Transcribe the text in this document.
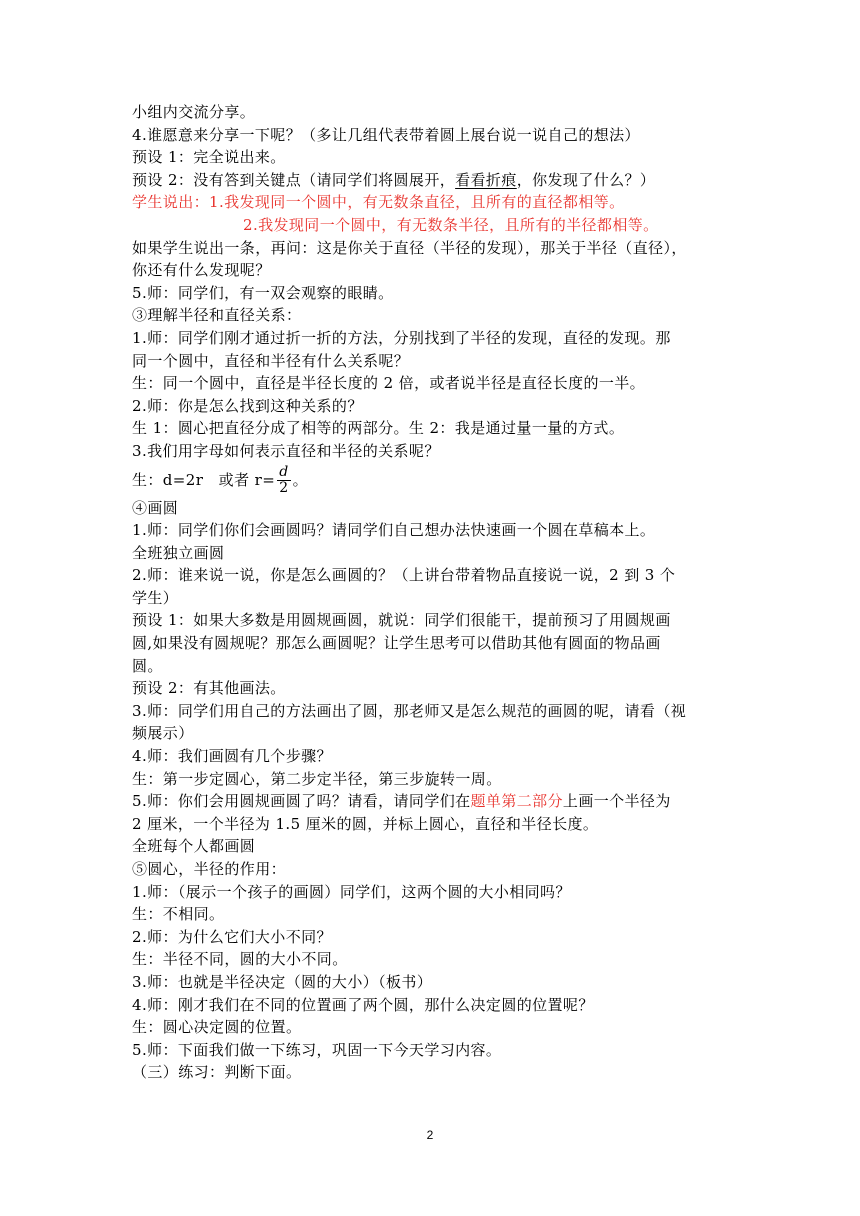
小组内交流分享。
4.谁愿意来分享一下呢？（多让几组代表带着圆上展台说一说自己的想法）
预设 1：完全说出来。
预设 2：没有答到关键点（请同学们将圆展开，看看折痕，你发现了什么？）
学生说出：1.我发现同一个圆中，有无数条直径，且所有的直径都相等。
2.我发现同一个圆中，有无数条半径，且所有的半径都相等。
如果学生说出一条，再问：这是你关于直径（半径的发现），那关于半径（直径），
你还有什么发现呢？
5.师：同学们，有一双会观察的眼睛。
③理解半径和直径关系：
1.师：同学们刚才通过折一折的方法，分别找到了半径的发现，直径的发现。那
同一个圆中，直径和半径有什么关系呢？
生：同一个圆中，直径是半径长度的 2 倍，或者说半径是直径长度的一半。
2.师：你是怎么找到这种关系的？
生 1：圆心把直径分成了相等的两部分。生 2：我是通过量一量的方式。
3.我们用字母如何表示直径和半径的关系呢？
生：d=2r　或者 $r= \frac{d}{2}$ 。
④画圆
1.师：同学们你们会画圆吗？请同学们自己想办法快速画一个圆在草稿本上。
全班独立画圆
2.师：谁来说一说，你是怎么画圆的？（上讲台带着物品直接说一说，2 到 3 个
学生）
预设 1：如果大多数是用圆规画圆，就说：同学们很能干，提前预习了用圆规画
圆,如果没有圆规呢？那怎么画圆呢？让学生思考可以借助其他有圆面的物品画
圆。
预设 2：有其他画法。
3.师：同学们用自己的方法画出了圆，那老师又是怎么规范的画圆的呢，请看（视
频展示）
4.师：我们画圆有几个步骤？
生：第一步定圆心，第二步定半径，第三步旋转一周。
5.师：你们会用圆规画圆了吗？请看，请同学们在题单第二部分上画一个半径为
2 厘米，一个半径为 1.5 厘米的圆，并标上圆心，直径和半径长度。
全班每个人都画圆
⑤圆心，半径的作用：
1.师：（展示一个孩子的画圆）同学们，这两个圆的大小相同吗？
生：不相同。
2.师：为什么它们大小不同？
生：半径不同，圆的大小不同。
3.师：也就是半径决定（圆的大小）（板书）
4.师：刚才我们在不同的位置画了两个圆，那什么决定圆的位置呢？
生：圆心决定圆的位置。
5.师：下面我们做一下练习，巩固一下今天学习内容。
（三）练习：判断下面。
2
